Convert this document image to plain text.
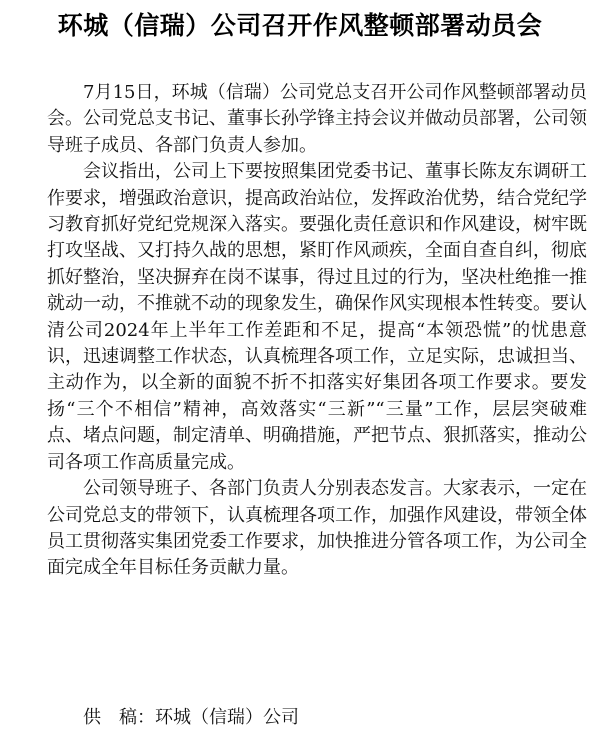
环城（信瑞）公司召开作风整顿部署动员会

7月15日，环城（信瑞）公司党总支召开公司作风整顿部署动员会。公司党总支书记、董事长孙学锋主持会议并做动员部署，公司领导班子成员、各部门负责人参加。

会议指出，公司上下要按照集团党委书记、董事长陈友东调研工作要求，增强政治意识，提高政治站位，发挥政治优势，结合党纪学习教育抓好党纪党规深入落实。要强化责任意识和作风建设，树牢既打攻坚战、又打持久战的思想，紧盯作风顽疾，全面自查自纠，彻底抓好整治，坚决摒弃在岗不谋事，得过且过的行为，坚决杜绝推一推就动一动，不推就不动的现象发生，确保作风实现根本性转变。要认清公司2024年上半年工作差距和不足，提高“本领恐慌”的忧患意识，迅速调整工作状态，认真梳理各项工作，立足实际，忠诚担当、主动作为，以全新的面貌不折不扣落实好集团各项工作要求。要发扬“三个不相信”精神，高效落实“三新”“三量”工作，层层突破难点、堵点问题，制定清单、明确措施，严把节点、狠抓落实，推动公司各项工作高质量完成。

公司领导班子、各部门负责人分别表态发言。大家表示，一定在公司党总支的带领下，认真梳理各项工作，加强作风建设，带领全体员工贯彻落实集团党委工作要求，加快推进分管各项工作，为公司全面完成全年目标任务贡献力量。

供　稿：环城（信瑞）公司
